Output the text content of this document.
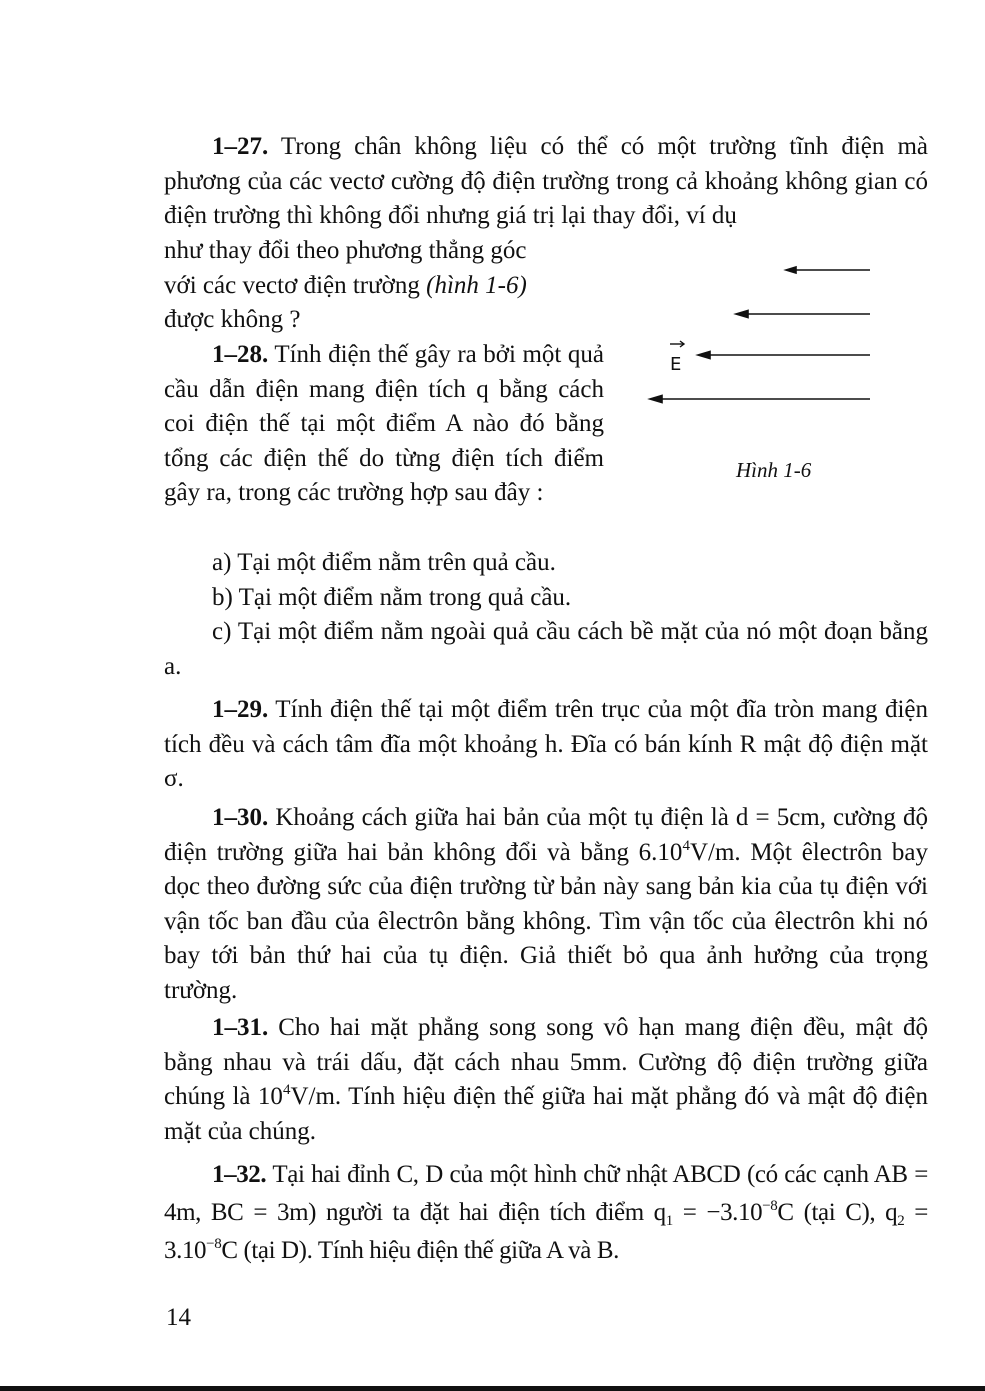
1–27. Trong chân không liệu có thể có một trường tĩnh điện mà phương của các vectơ cường độ điện trường trong cả khoảng không gian có điện trường thì không đổi nhưng giá trị lại thay đổi, ví dụ
như thay đổi theo phương thẳng góc
với các vectơ điện trường (hình 1-6)
được không ?
1–28. Tính điện thế gây ra bởi một quả cầu dẫn điện mang điện tích q bằng cách coi điện thế tại một điểm A nào đó bằng tổng các điện thế do từng điện tích điểm gây ra, trong các trường hợp sau đây :
a) Tại một điểm nằm trên quả cầu.
b) Tại một điểm nằm trong quả cầu.
c) Tại một điểm nằm ngoài quả cầu cách bề mặt của nó một đoạn bằng a.
E
Hình 1-6
1–29. Tính điện thế tại một điểm trên trục của một đĩa tròn mang điện tích đều và cách tâm đĩa một khoảng h. Đĩa có bán kính R mật độ điện mặt σ.
1–30. Khoảng cách giữa hai bản của một tụ điện là d = 5cm, cường độ điện trường giữa hai bản không đổi và bằng 6.10$^4$V/m. Một êlectrôn bay dọc theo đường sức của điện trường từ bản này sang bản kia của tụ điện với vận tốc ban đầu của êlectrôn bằng không. Tìm vận tốc của êlectrôn khi nó bay tới bản thứ hai của tụ điện. Giả thiết bỏ qua ảnh hưởng của trọng trường.
1–31. Cho hai mặt phẳng song song vô hạn mang điện đều, mật độ bằng nhau và trái dấu, đặt cách nhau 5mm. Cường độ điện trường giữa chúng là $10^4V/m$. Tính hiệu điện thế giữa hai mặt phẳng đó và mật độ điện mặt của chúng.
1–32. Tại hai đỉnh C, D của một hình chữ nhật ABCD (có các cạnh AB = 4m, BC = 3m) người ta đặt hai điện tích điểm $q_1 = -3.10^{-8}C$ (tại C), $q_2 = 3.10^{-8}C$ (tại D). Tính hiệu điện thế giữa A và B.
14
